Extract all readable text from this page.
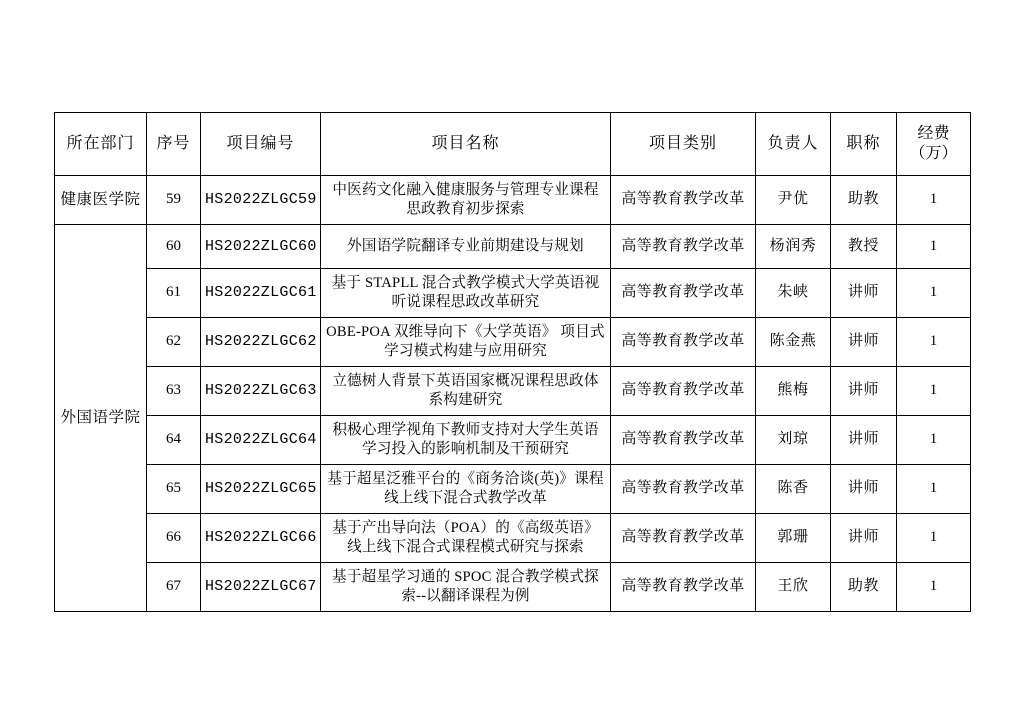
所在部门	序号	项目编号	项目名称	项目类别	负责人	职称	经费
（万）

健康医学院	59	HS2022ZLGC59	中医药文化融入健康服务与管理专业课程思政教育初步探索	高等教育教学改革	尹优	助教	1
外国语学院	60	HS2022ZLGC60	外国语学院翻译专业前期建设与规划	高等教育教学改革	杨润秀	教授	1
	61	HS2022ZLGC61	基于 STAPLL 混合式教学模式大学英语视听说课程思政改革研究	高等教育教学改革	朱峡	讲师	1
	62	HS2022ZLGC62	OBE-POA 双维导向下《大学英语》 项目式学习模式构建与应用研究	高等教育教学改革	陈金燕	讲师	1
	63	HS2022ZLGC63	立德树人背景下英语国家概况课程思政体系构建研究	高等教育教学改革	熊梅	讲师	1
	64	HS2022ZLGC64	积极心理学视角下教师支持对大学生英语学习投入的影响机制及干预研究	高等教育教学改革	刘琼	讲师	1
	65	HS2022ZLGC65	基于超星泛雅平台的《商务洽谈(英)》课程线上线下混合式教学改革	高等教育教学改革	陈香	讲师	1
	66	HS2022ZLGC66	基于产出导向法（POA）的《高级英语》线上线下混合式课程模式研究与探索	高等教育教学改革	郭珊	讲师	1
	67	HS2022ZLGC67	基于超星学习通的 SPOC 混合教学模式探索--以翻译课程为例	高等教育教学改革	王欣	助教	1
